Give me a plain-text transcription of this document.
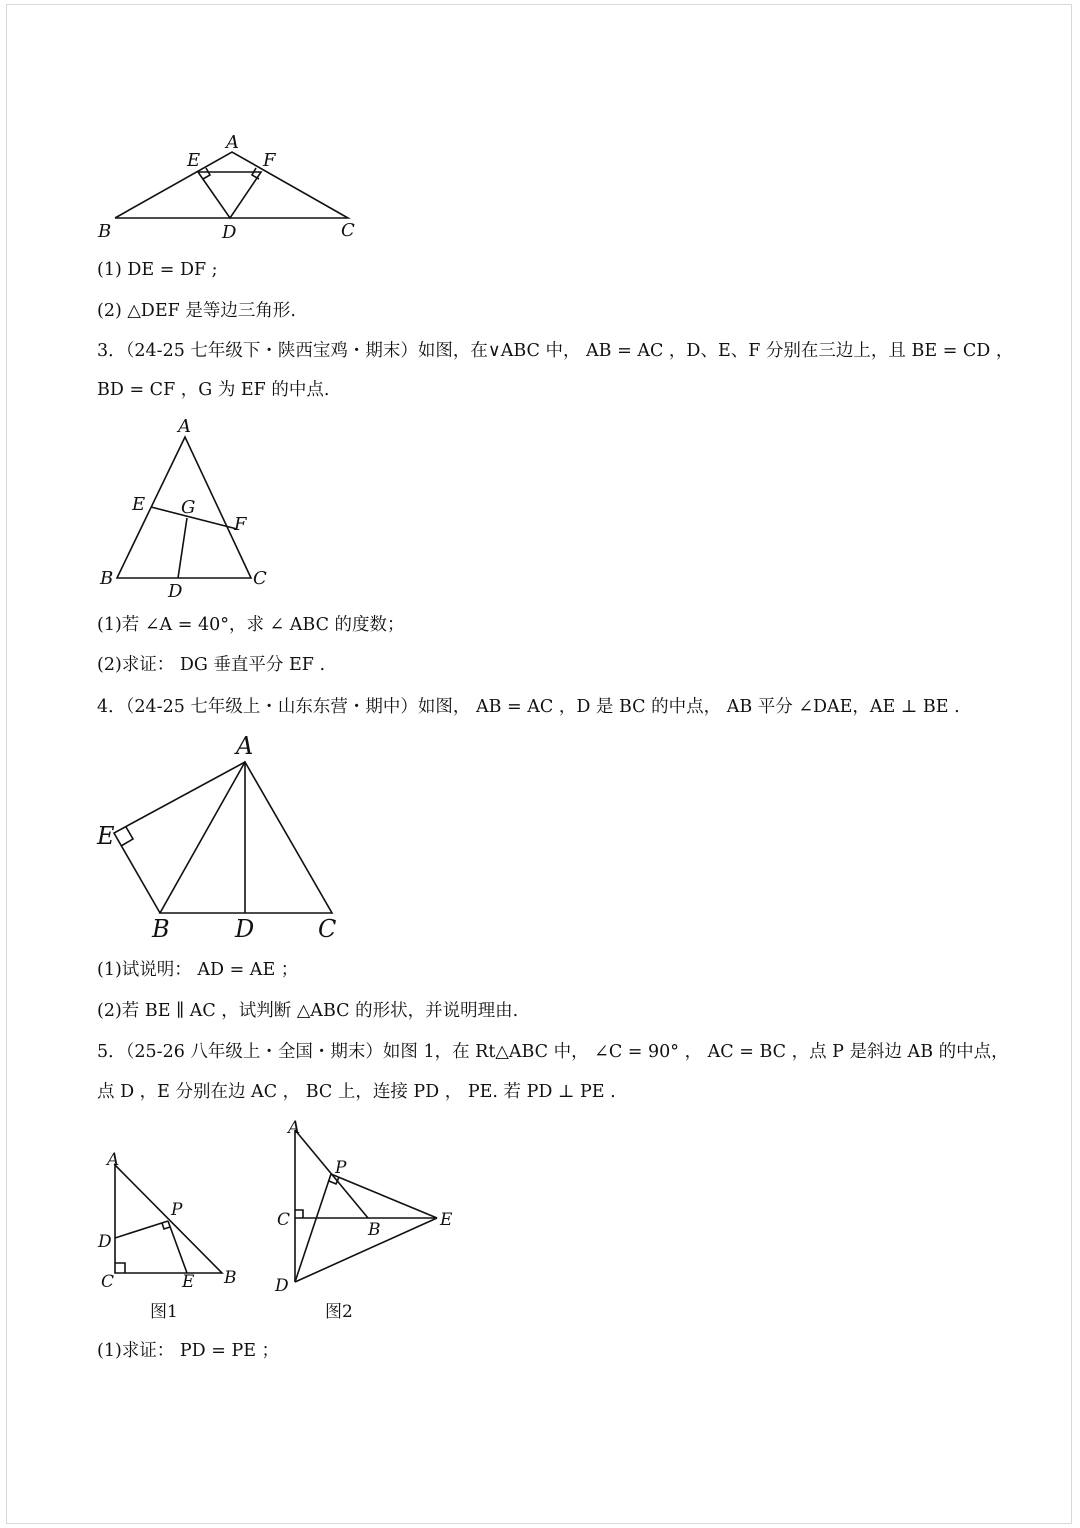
A
E	F
B	D	C
(1) DE = DF ;
(2) △DEF 是等边三角形.
3．（24-25 七年级下・陕西宝鸡・期末）如图，在∨ABC 中， AB = AC ，D、E、F 分别在三边上，且 BE = CD ，
BD = CF ，G 为 EF 的中点.
A
E G
F
B
D
C
(1)若 ∠A = 40°，求 ∠ ABC 的度数；
(2)求证： DG 垂直平分 EF .
4．（24-25 七年级上・山东东营・期中）如图， AB = AC ，D 是 BC 的中点， AB 平分 ∠DAE，AE ⊥ BE .
A
E
B	D	C
(1)试说明： AD = AE ；
(2)若 BE ∥ AC ，试判断 △ABC 的形状，并说明理由.
5．（25-26 八年级上・全国・期末）如图 1，在 Rt△ABC 中， ∠C = 90° ， AC = BC ，点 P 是斜边 AB 的中点，
点 D ，E 分别在边 AC ， BC 上，连接 PD ， PE. 若 PD ⊥ PE .
A
D
P
C	E B
图1
A
P
C	B	E
D
图2
(1)求证： PD = PE ；
